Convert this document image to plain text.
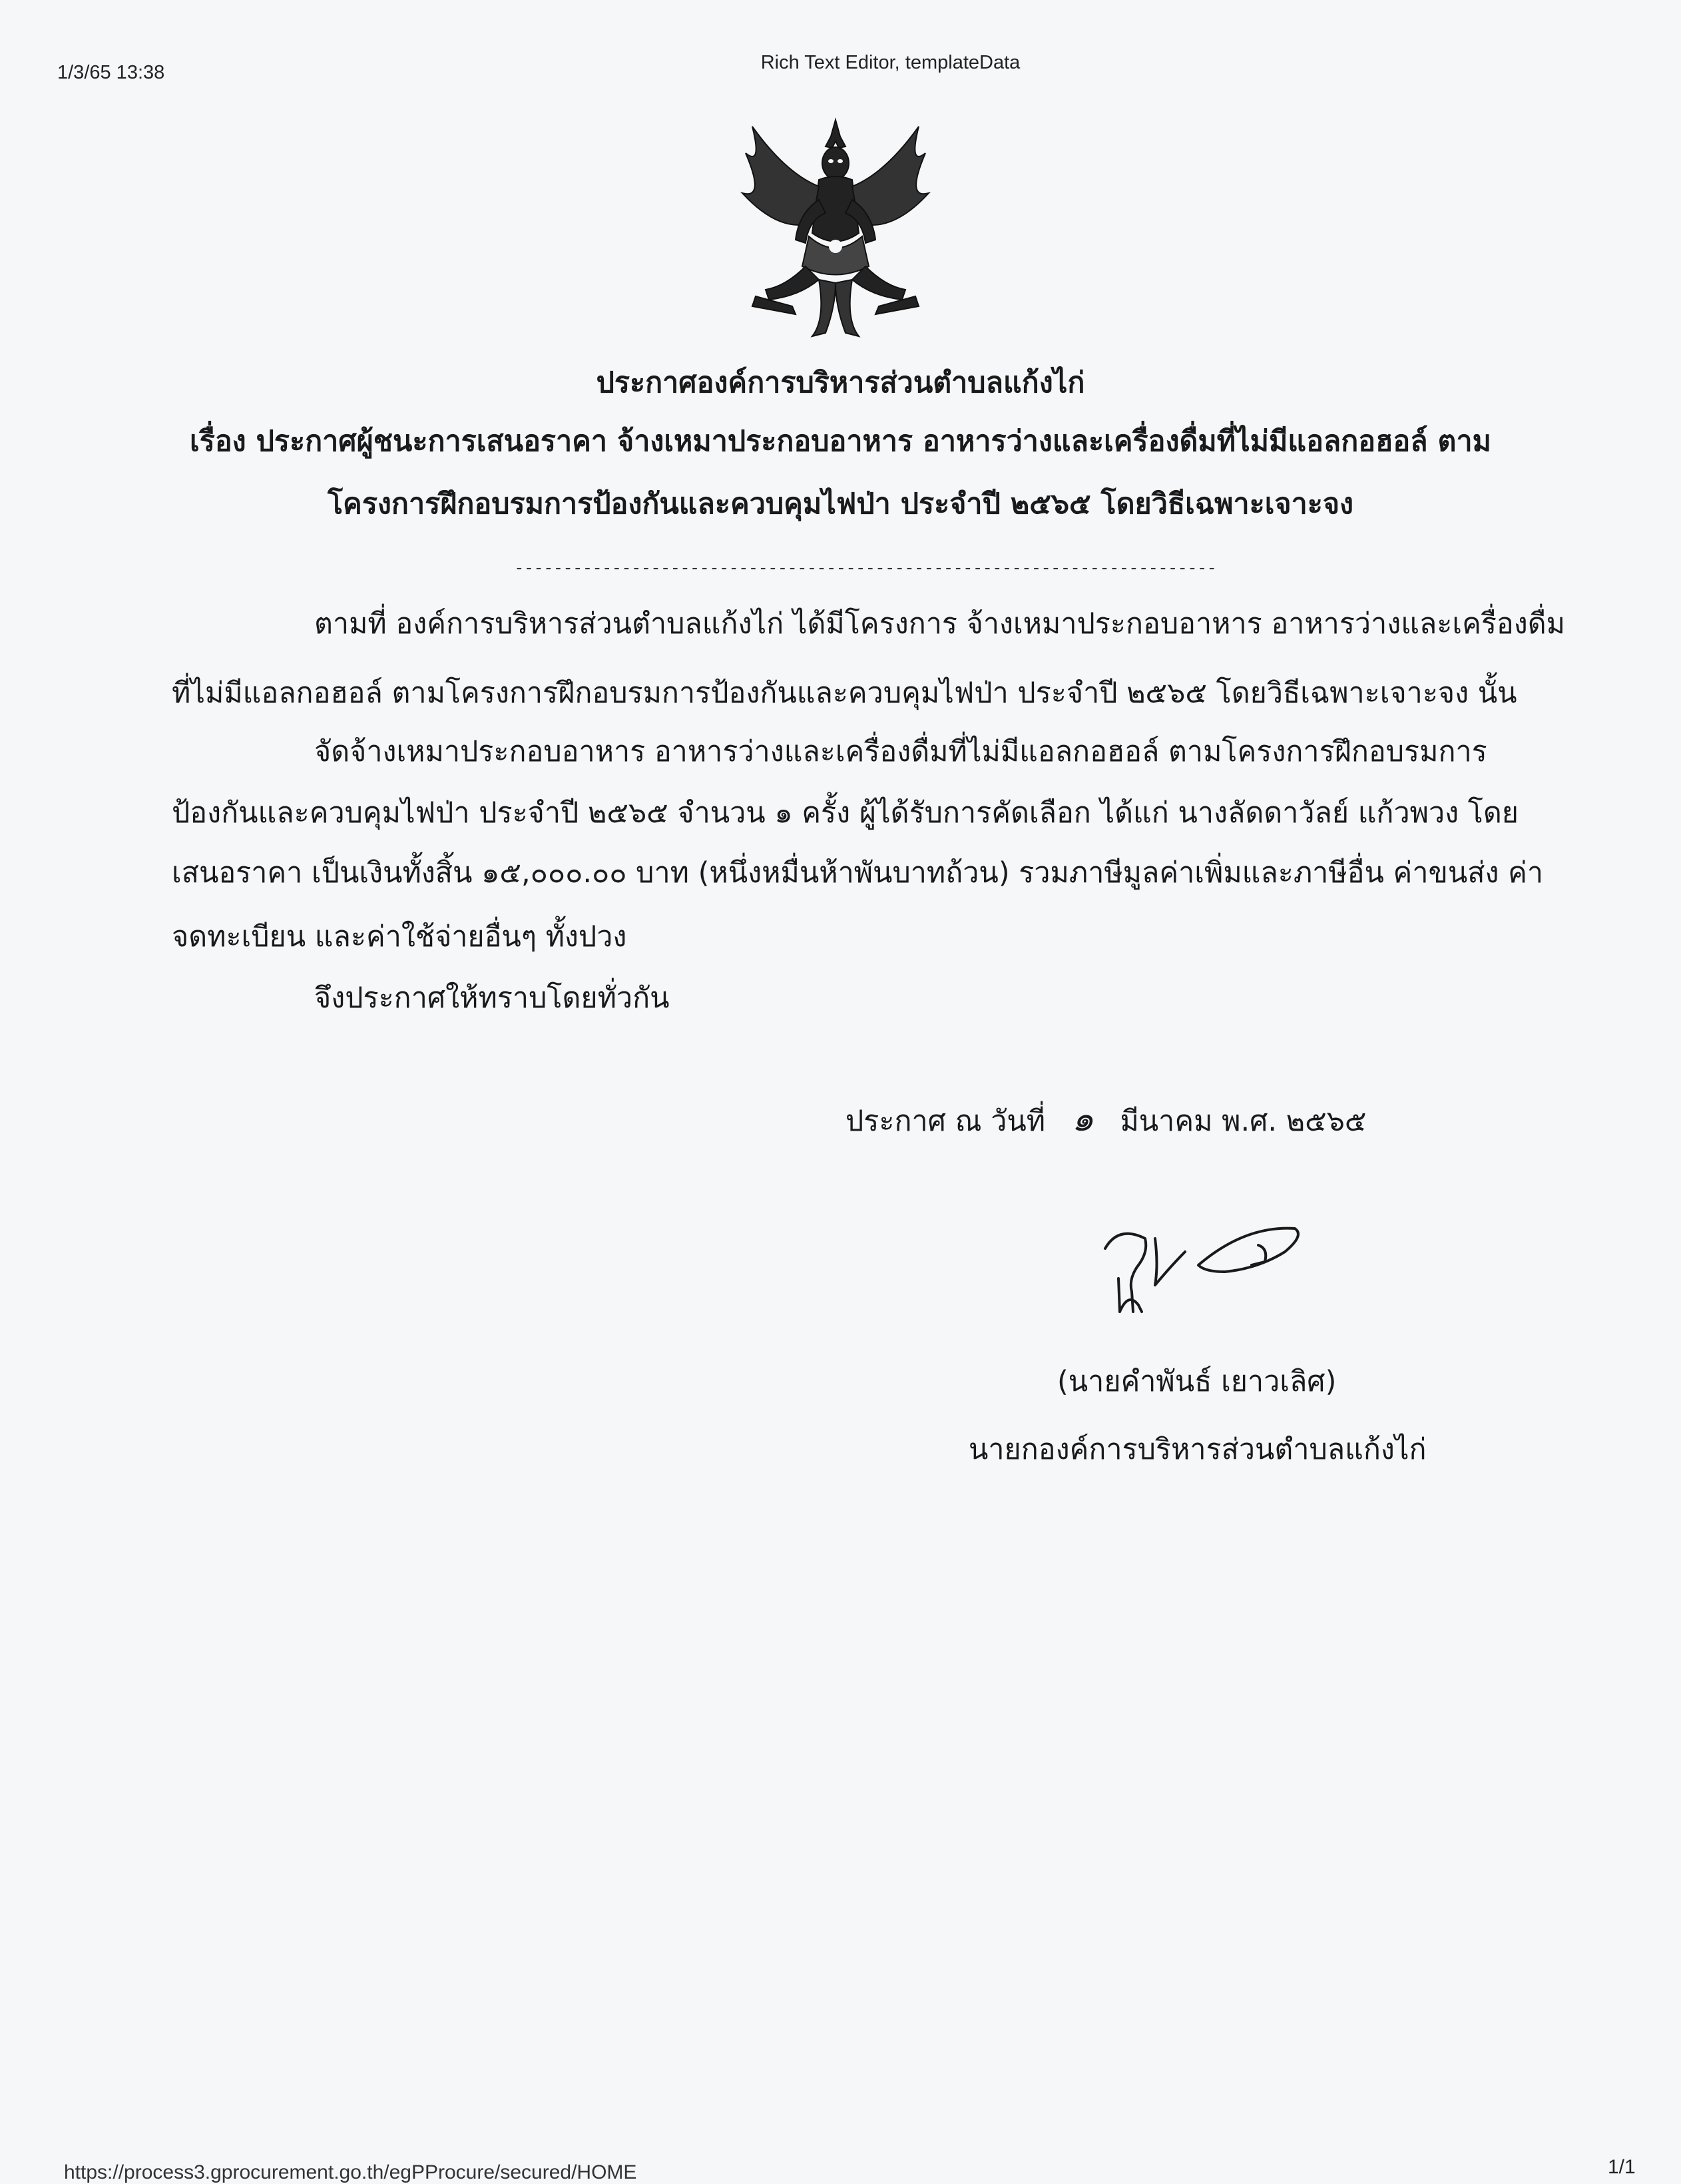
1/3/65 13:38	Rich Text Editor, templateData
ประกาศองค์การบริหารส่วนตำบลแก้งไก่
เรื่อง ประกาศผู้ชนะการเสนอราคา จ้างเหมาประกอบอาหาร อาหารว่างและเครื่องดื่มที่ไม่มีแอลกอฮอล์ ตาม
โครงการฝึกอบรมการป้องกันและควบคุมไฟป่า ประจำปี ๒๕๖๕ โดยวิธีเฉพาะเจาะจง
------------------------------------------------------------------------
ตามที่ องค์การบริหารส่วนตำบลแก้งไก่ ได้มีโครงการ จ้างเหมาประกอบอาหาร อาหารว่างและเครื่องดื่ม
ที่ไม่มีแอลกอฮอล์ ตามโครงการฝึกอบรมการป้องกันและควบคุมไฟป่า ประจำปี ๒๕๖๕ โดยวิธีเฉพาะเจาะจง นั้น
จัดจ้างเหมาประกอบอาหาร อาหารว่างและเครื่องดื่มที่ไม่มีแอลกอฮอล์ ตามโครงการฝึกอบรมการ
ป้องกันและควบคุมไฟป่า ประจำปี ๒๕๖๕ จำนวน ๑ ครั้ง ผู้ได้รับการคัดเลือก ได้แก่ นางลัดดาวัลย์ แก้วพวง โดย
เสนอราคา เป็นเงินทั้งสิ้น ๑๕,๐๐๐.๐๐ บาท (หนึ่งหมื่นห้าพันบาทถ้วน) รวมภาษีมูลค่าเพิ่มและภาษีอื่น ค่าขนส่ง ค่า
จดทะเบียน และค่าใช้จ่ายอื่นๆ ทั้งปวง
จึงประกาศให้ทราบโดยทั่วกัน
ประกาศ ณ วันที่ ๑ มีนาคม พ.ศ. ๒๕๖๕
(นายคำพันธ์ เยาวเลิศ)
นายกองค์การบริหารส่วนตำบลแก้งไก่
https://process3.gprocurement.go.th/egPProcure/secured/HOME	1/1
